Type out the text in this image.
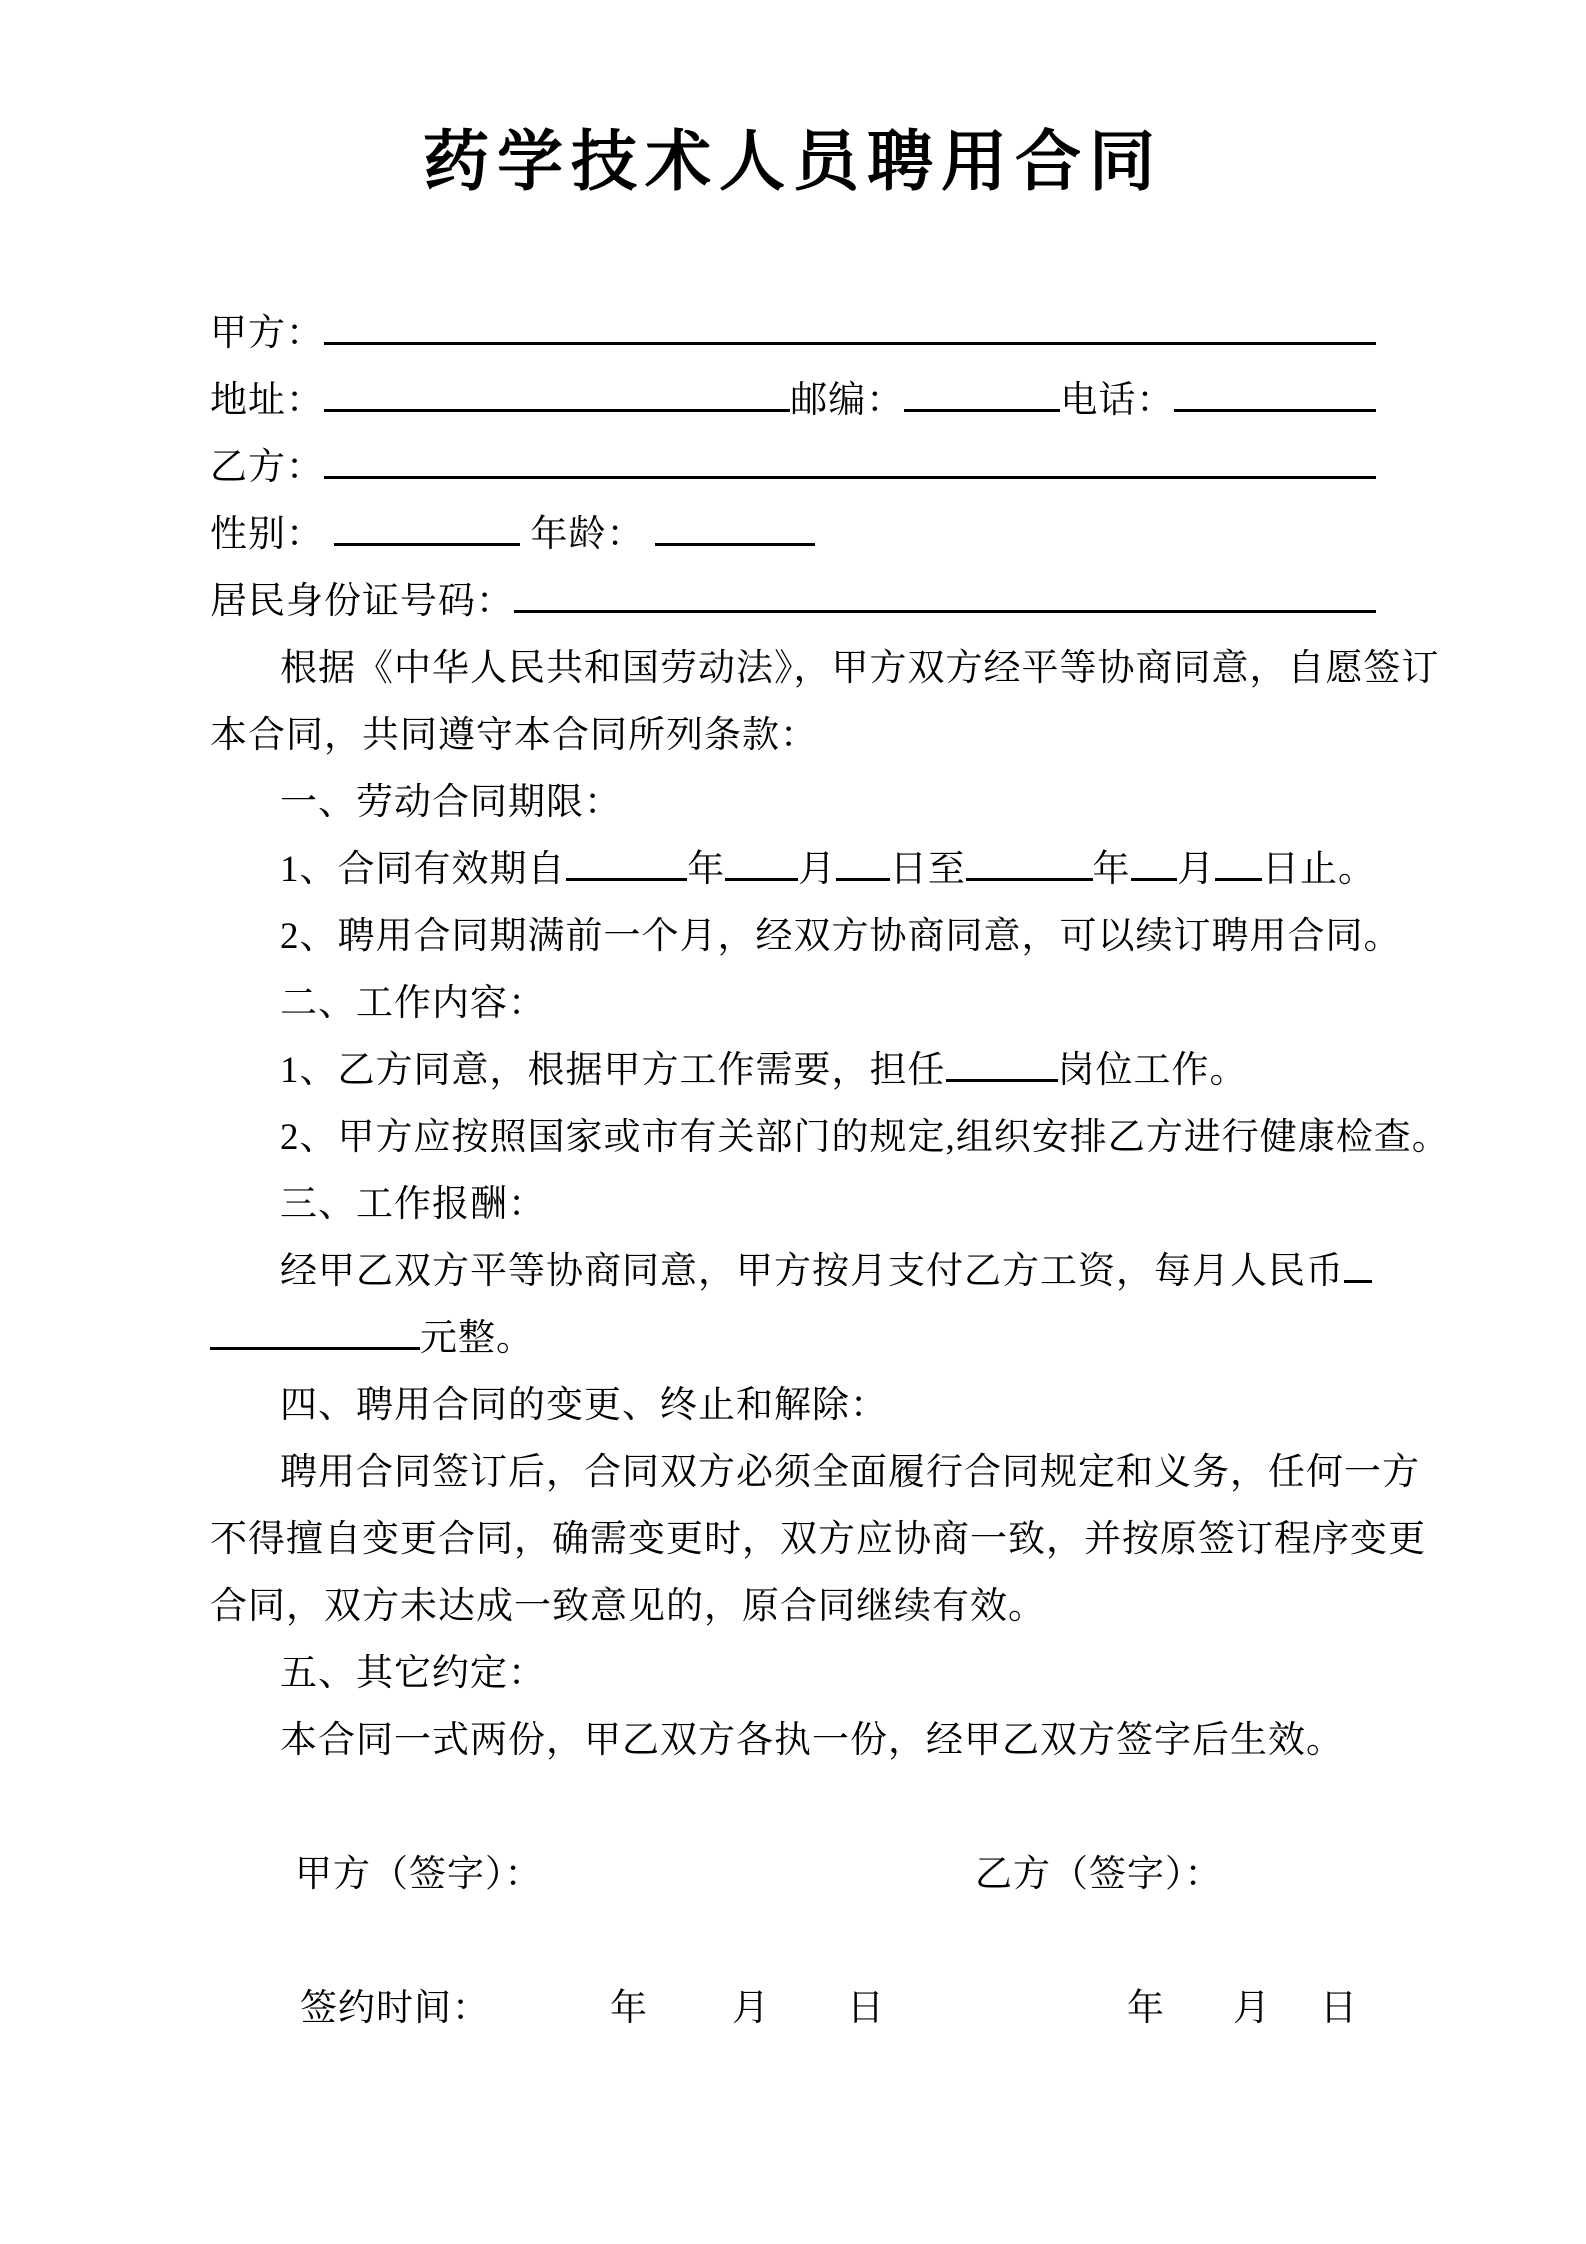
药学技术人员聘用合同
甲方：
地址：	邮编：	电话：
乙方：
性别：	年龄：
居民身份证号码：
根据《中华人民共和国劳动法》，甲方双方经平等协商同意，自愿签订
本合同，共同遵守本合同所列条款：
一、劳动合同期限：
1、合同有效期自	年 月 日至	年 月 日止。
2、聘用合同期满前一个月，经双方协商同意，可以续订聘用合同。
二、工作内容：
1、乙方同意，根据甲方工作需要，担任	岗位工作。
2、甲方应按照国家或市有关部门的规定,组织安排乙方进行健康检查。
三、工作报酬：
经甲乙双方平等协商同意，甲方按月支付乙方工资，每月人民币
元整。
四、聘用合同的变更、终止和解除：
聘用合同签订后，合同双方必须全面履行合同规定和义务，任何一方
不得擅自变更合同，确需变更时，双方应协商一致，并按原签订程序变更
合同，双方未达成一致意见的，原合同继续有效。
五、其它约定：
本合同一式两份，甲乙双方各执一份，经甲乙双方签字后生效。
甲方（签字）：	乙方（签字）：
签约时间：	年 月 日	年 月 日
